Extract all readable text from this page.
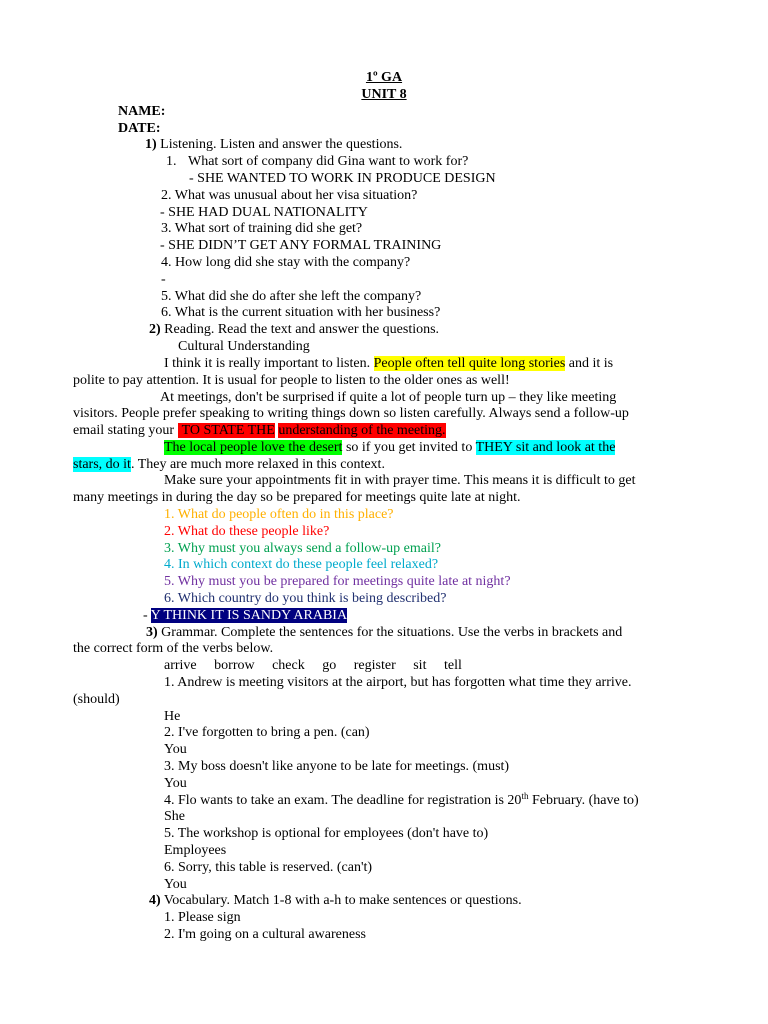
1º GA
UNIT 8
NAME:
DATE:
1) Listening. Listen and answer the questions.
1. What sort of company did Gina want to work for?
- SHE WANTED TO WORK IN PRODUCE DESIGN
2. What was unusual about her visa situation?
- SHE HAD DUAL NATIONALITY
3. What sort of training did she get?
- SHE DIDN’T GET ANY FORMAL TRAINING
4. How long did she stay with the company?
-
5. What did she do after she left the company?
6. What is the current situation with her business?
2) Reading. Read the text and answer the questions.
Cultural Understanding
I think it is really important to listen. People often tell quite long stories and it is
polite to pay attention. It is usual for people to listen to the older ones as well!
At meetings, don't be surprised if quite a lot of people turn up – they like meeting
visitors. People prefer speaking to writing things down so listen carefully. Always send a follow-up
email stating your TO STATE THE understanding of the meeting.
The local people love the desert so if you get invited to THEY sit and look at the
stars, do it. They are much more relaxed in this context.
Make sure your appointments fit in with prayer time. This means it is difficult to get
many meetings in during the day so be prepared for meetings quite late at night.
1. What do people often do in this place?
2. What do these people like?
3. Why must you always send a follow-up email?
4. In which context do these people feel relaxed?
5. Why must you be prepared for meetings quite late at night?
6. Which country do you think is being described?
- Y THINK IT IS SANDY ARABIA
3) Grammar. Complete the sentences for the situations. Use the verbs in brackets and
the correct form of the verbs below.
arrive borrow check go register sit tell
1. Andrew is meeting visitors at the airport, but has forgotten what time they arrive.
(should)
He
2. I've forgotten to bring a pen. (can)
You
3. My boss doesn't like anyone to be late for meetings. (must)
You
4. Flo wants to take an exam. The deadline for registration is 20th February. (have to)
She
5. The workshop is optional for employees (don't have to)
Employees
6. Sorry, this table is reserved. (can't)
You
4) Vocabulary. Match 1-8 with a-h to make sentences or questions.
1. Please sign
2. I'm going on a cultural awareness
